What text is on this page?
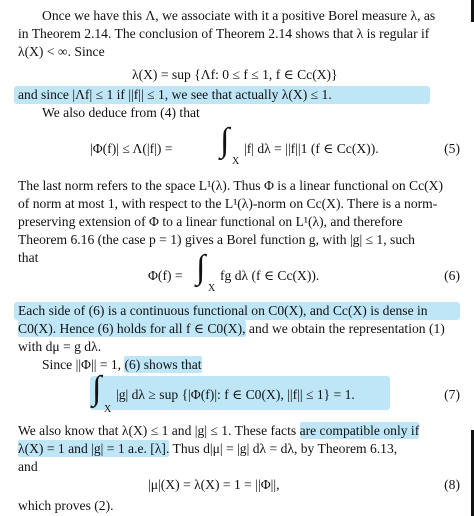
Once we have this Λ, we associate with it a positive Borel measure λ, as
in Theorem 2.14. The conclusion of Theorem 2.14 shows that λ is regular if
λ(X) < ∞. Since
λ(X) = sup {Λf: 0 ≤ f ≤ 1, f ∈ Cc(X)}
and since |Λf| ≤ 1 if ||f|| ≤ 1, we see that actually λ(X) ≤ 1.
We also deduce from (4) that
|Φ(f)| ≤ Λ(|f|) = ∫
X
|f| dλ = ||f||1 (f ∈ Cc(X)).	(5)
The last norm refers to the space L¹(λ). Thus Φ is a linear functional on Cc(X)
of norm at most 1, with respect to the L¹(λ)-norm on Cc(X). There is a norm-
preserving extension of Φ to a linear functional on L¹(λ), and therefore
Theorem 6.16 (the case p = 1) gives a Borel function g, with |g| ≤ 1, such
that
Φ(f) = ∫
X
fg dλ (f ∈ Cc(X)).	(6)
Each side of (6) is a continuous functional on C0(X), and Cc(X) is dense in
C0(X). Hence (6) holds for all f ∈ C0(X), and we obtain the representation (1)
with dμ = g dλ.
Since ||Φ|| = 1, (6) shows that
∫
X
|g| dλ ≥ sup {|Φ(f)|: f ∈ C0(X), ||f|| ≤ 1} = 1.	(7)
We also know that λ(X) ≤ 1 and |g| ≤ 1. These facts are compatible only if
λ(X) = 1 and |g| = 1 a.e. [λ]. Thus d|μ| = |g| dλ = dλ, by Theorem 6.13,
and
|μ|(X) = λ(X) = 1 = ||Φ||,	(8)
which proves (2).
